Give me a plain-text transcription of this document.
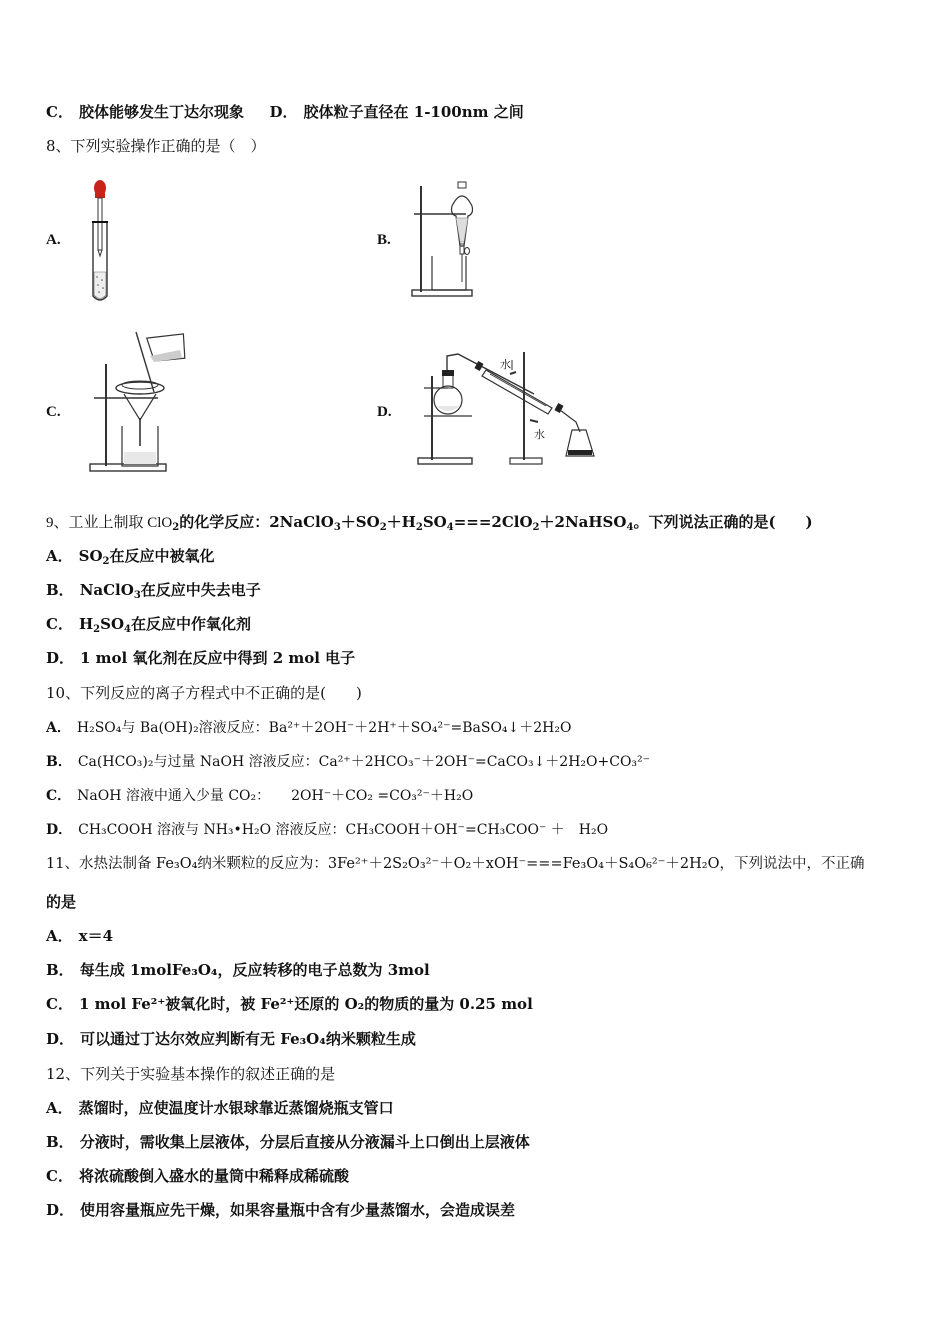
C． 胶体能够发生丁达尔现象 D． 胶体粒子直径在 1-100nm 之间
8、下列实验操作正确的是（　）
A.	B.
C.	D.
水
水
9、工业上制取 ClO$_2$的化学反应：$2NaClO_3+SO_2+H_2SO_4===2ClO_2+2NaHSO_4$。下列说法正确的是(　　)
A． $SO_2$在反应中被氧化
B． NaClO$_3$在反应中失去电子
C． $H_2SO_4$在反应中作氧化剂
D． 1 mol 氧化剂在反应中得到 2 mol 电子
10、下列反应的离子方程式中不正确的是(　　)
A． H₂SO₄与 Ba(OH)₂溶液反应：Ba²⁺＋2OH⁻＋2H⁺＋SO₄²⁻=BaSO₄↓＋2H₂O
B． Ca(HCO₃)₂与过量 NaOH 溶液反应：Ca²⁺＋2HCO₃⁻＋2OH⁻=CaCO₃↓＋2H₂O+CO₃²⁻
C． NaOH 溶液中通入少量 CO₂：　　2OH⁻＋CO₂ =CO₃²⁻＋H₂O
D． CH₃COOH 溶液与 NH₃•H₂O 溶液反应：CH₃COOH＋OH⁻=CH₃COO⁻ ＋　H₂O
11、水热法制备 Fe₃O₄纳米颗粒的反应为：3Fe²⁺＋2S₂O₃²⁻＋O₂＋xOH⁻===Fe₃O₄＋S₄O₆²⁻＋2H₂O，下列说法中，不正确
的是
A． x＝4
B． 每生成 1molFe₃O₄，反应转移的电子总数为 3mol
C． 1 mol Fe²⁺被氧化时，被 Fe²⁺还原的 O₂的物质的量为 0.25 mol
D． 可以通过丁达尔效应判断有无 Fe₃O₄纳米颗粒生成
12、下列关于实验基本操作的叙述正确的是
A． 蒸馏时，应使温度计水银球靠近蒸馏烧瓶支管口
B． 分液时，需收集上层液体，分层后直接从分液漏斗上口倒出上层液体
C． 将浓硫酸倒入盛水的量筒中稀释成稀硫酸
D． 使用容量瓶应先干燥，如果容量瓶中含有少量蒸馏水，会造成误差
